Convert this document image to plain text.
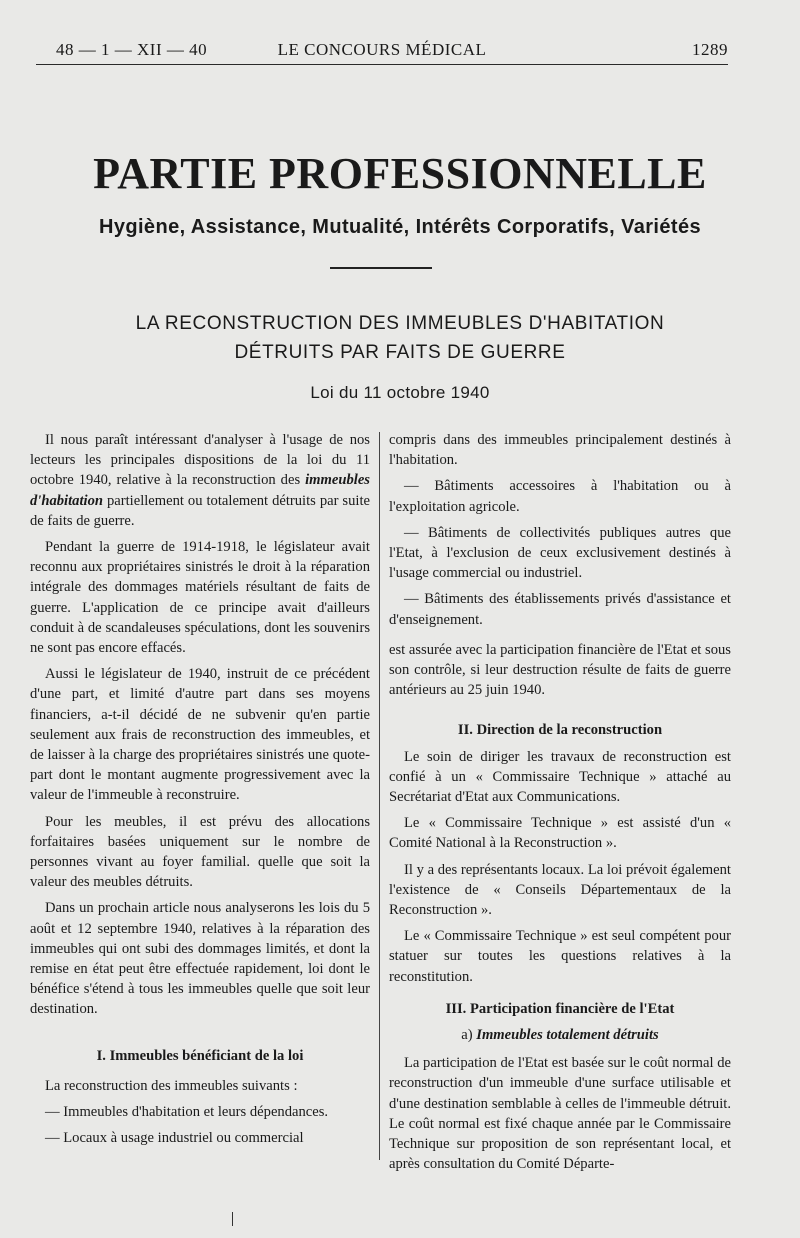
48 — 1 — XII — 40	LE CONCOURS MÉDICAL	1289
PARTIE PROFESSIONNELLE
Hygiène, Assistance, Mutualité, Intérêts Corporatifs, Variétés
LA RECONSTRUCTION DES IMMEUBLES D'HABITATION
DÉTRUITS PAR FAITS DE GUERRE
Loi du 11 octobre 1940

Il nous paraît intéressant d'analyser à l'usage de nos lecteurs les principales dispositions de la loi du 11 octobre 1940, relative à la reconstruction des immeubles d'habitation partiellement ou totalement détruits par suite de faits de guerre.

Pendant la guerre de 1914-1918, le législateur avait reconnu aux propriétaires sinistrés le droit à la réparation intégrale des dommages matériels résultant de faits de guerre. L'application de ce principe avait d'ailleurs conduit à de scandaleuses spéculations, dont les souvenirs ne sont pas encore effacés.

Aussi le législateur de 1940, instruit de ce précédent d'une part, et limité d'autre part dans ses moyens financiers, a-t-il décidé de ne subvenir qu'en partie seulement aux frais de reconstruction des immeubles, et de laisser à la charge des propriétaires sinistrés une quote-part dont le montant augmente progressivement avec la valeur de l'immeuble à reconstruire.

Pour les meubles, il est prévu des allocations forfaitaires basées uniquement sur le nombre de personnes vivant au foyer familial. quelle que soit la valeur des meubles détruits.

Dans un prochain article nous analyserons les lois du 5 août et 12 septembre 1940, relatives à la réparation des immeubles qui ont subi des dommages limités, et dont la remise en état peut être effectuée rapidement, loi dont le bénéfice s'étend à tous les immeubles quelle que soit leur destination.

I. Immeubles bénéficiant de la loi

La reconstruction des immeubles suivants :

— Immeubles d'habitation et leurs dépendances.

— Locaux à usage industriel ou commercial

compris dans des immeubles principalement destinés à l'habitation.

— Bâtiments accessoires à l'habitation ou à l'exploitation agricole.

— Bâtiments de collectivités publiques autres que l'Etat, à l'exclusion de ceux exclusivement destinés à l'usage commercial ou industriel.

— Bâtiments des établissements privés d'assistance et d'enseignement.

est assurée avec la participation financière de l'Etat et sous son contrôle, si leur destruction résulte de faits de guerre antérieurs au 25 juin 1940.

II. Direction de la reconstruction

Le soin de diriger les travaux de reconstruction est confié à un « Commissaire Technique » attaché au Secrétariat d'Etat aux Communications.

Le « Commissaire Technique » est assisté d'un « Comité National à la Reconstruction ».

Il y a des représentants locaux. La loi prévoit également l'existence de « Conseils Départementaux de la Reconstruction ».

Le « Commissaire Technique » est seul compétent pour statuer sur toutes les questions relatives à la reconstitution.

III. Participation financière de l'Etat

a) Immeubles totalement détruits

La participation de l'Etat est basée sur le coût normal de reconstruction d'un immeuble d'une surface utilisable et d'une destination semblable à celles de l'immeuble détruit. Le coût normal est fixé chaque année par le Commissaire Technique sur proposition de son représentant local, et après consultation du Comité Départe-
